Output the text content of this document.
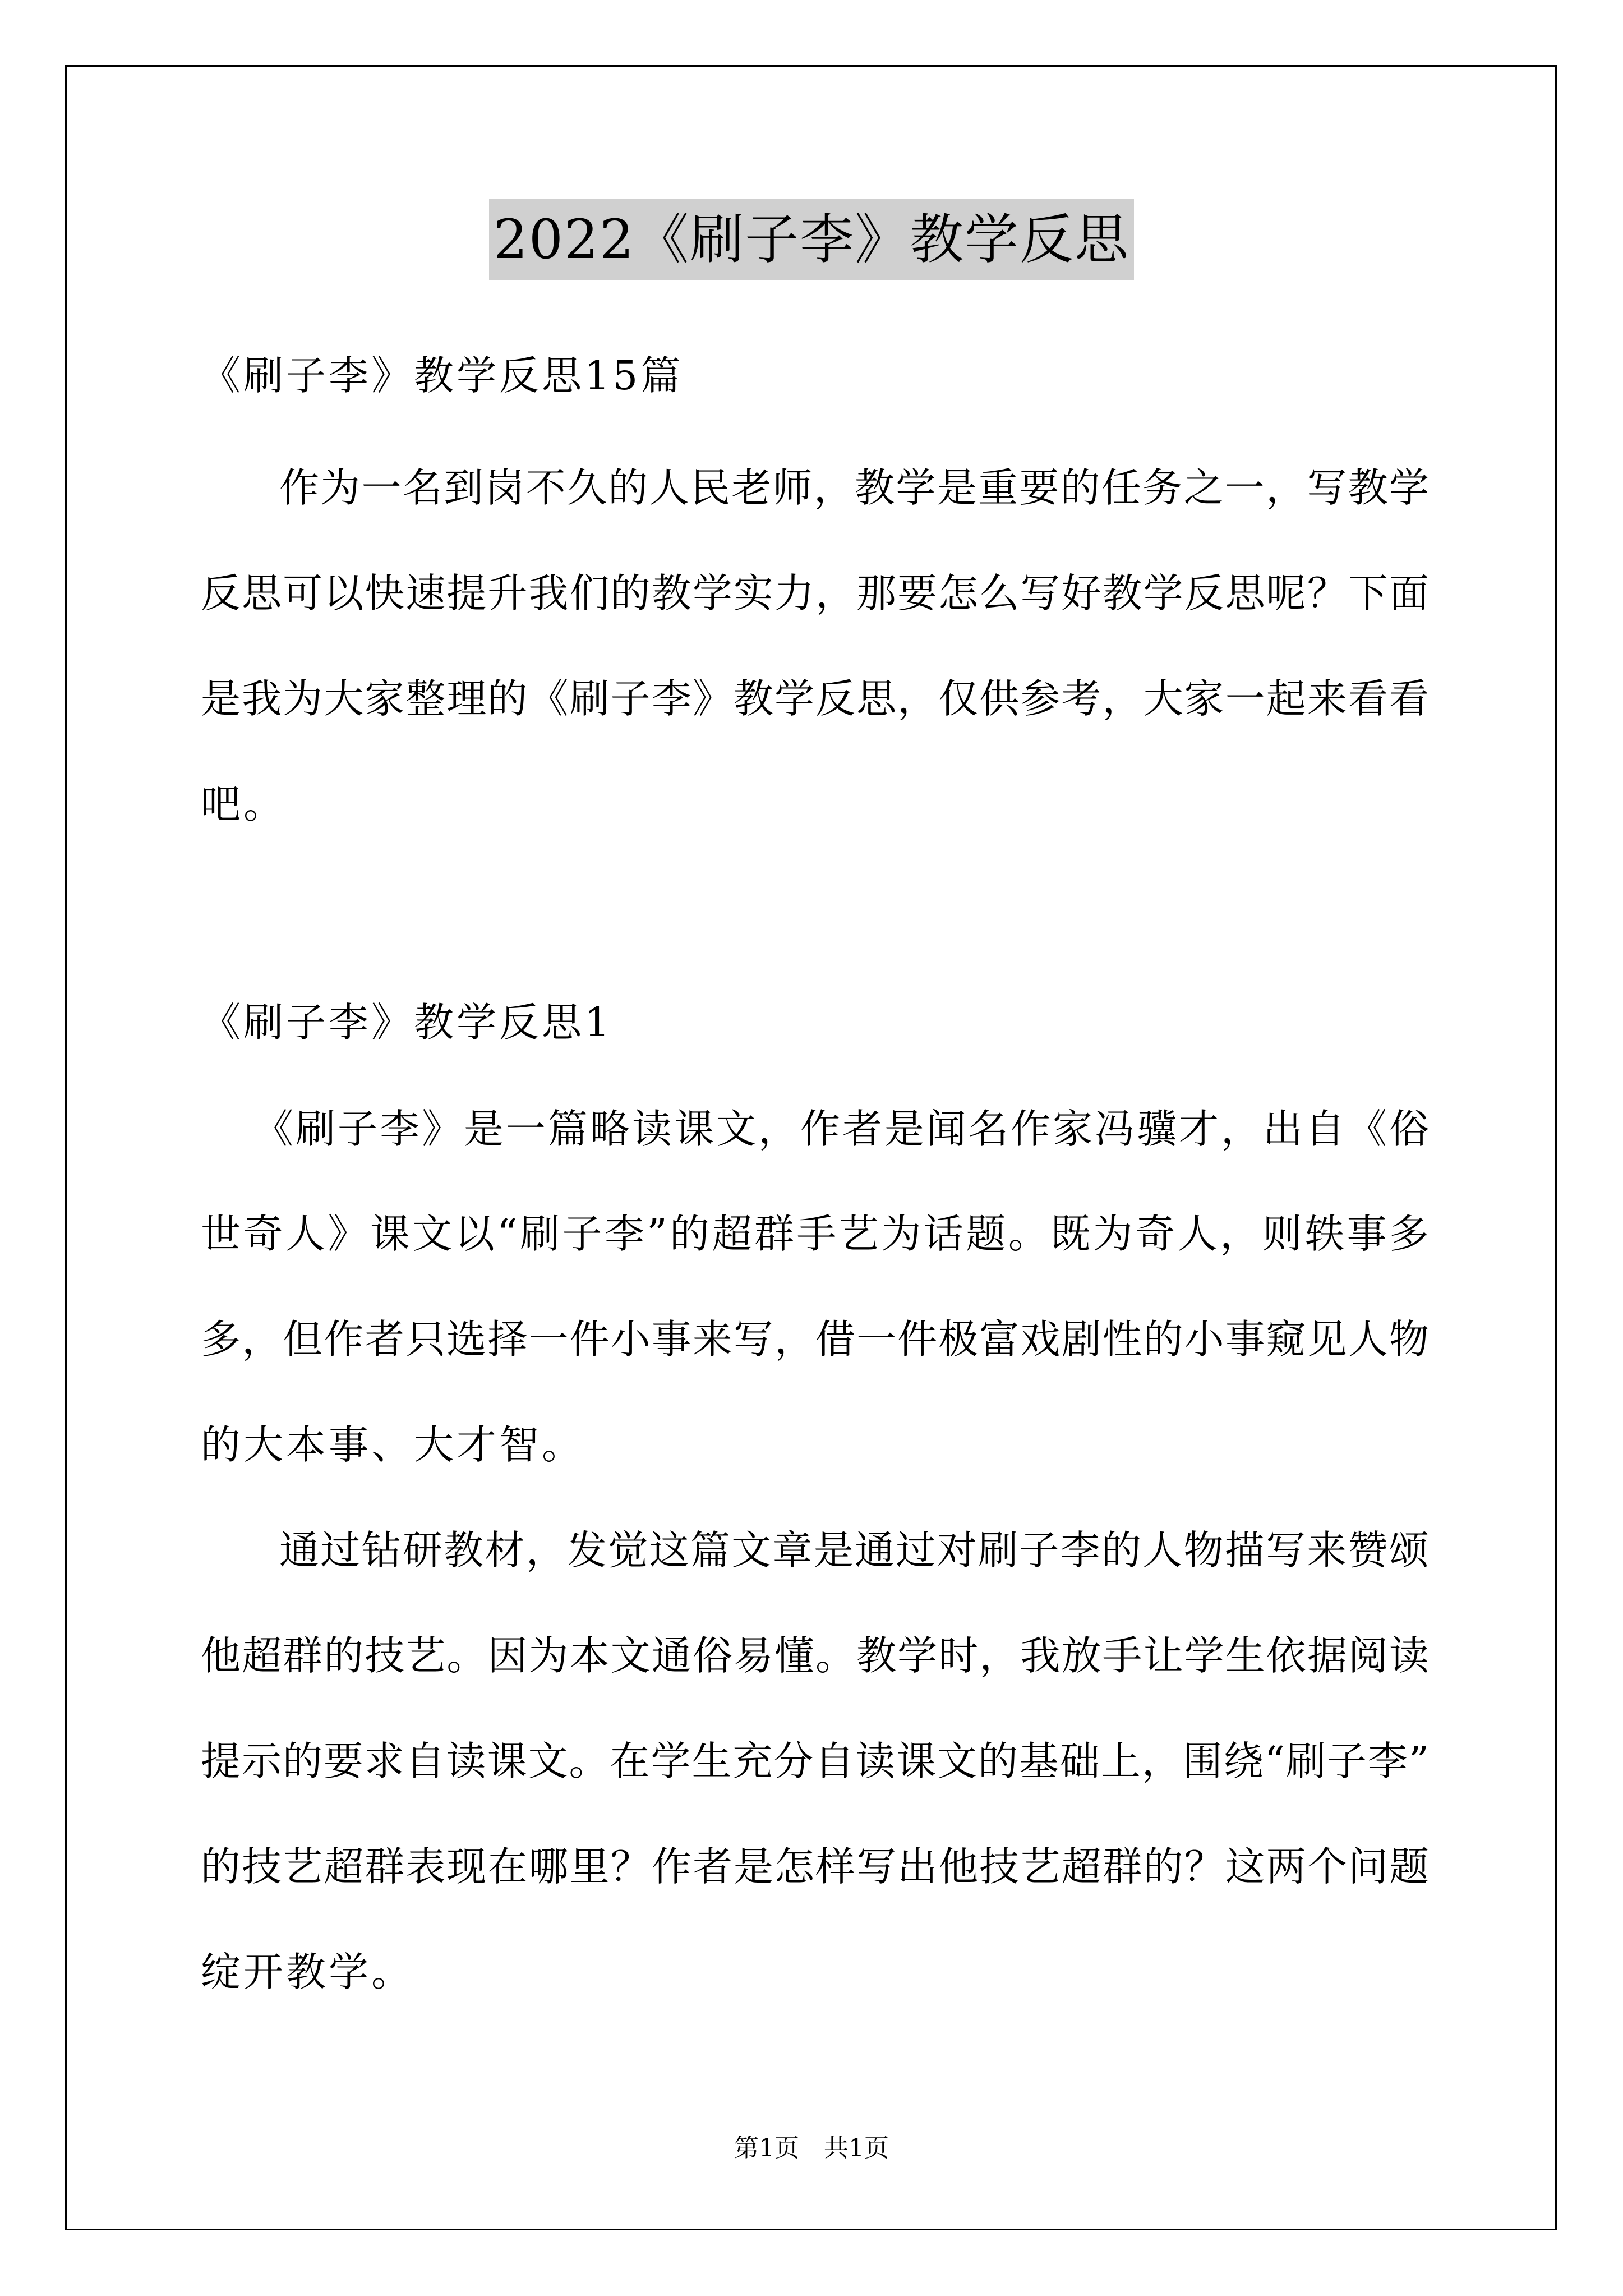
2022《刷子李》教学反思
《刷子李》教学反思15篇
作为一名到岗不久的人民老师，教学是重要的任务之一，写教学
反思可以快速提升我们的教学实力，那要怎么写好教学反思呢？下面
是我为大家整理的《刷子李》教学反思，仅供参考，大家一起来看看
吧。
《刷子李》教学反思1
《刷子李》是一篇略读课文，作者是闻名作家冯骥才，出自《俗
世奇人》课文以“刷子李”的超群手艺为话题。既为奇人，则轶事多
多，但作者只选择一件小事来写，借一件极富戏剧性的小事窥见人物
的大本事、大才智。
通过钻研教材，发觉这篇文章是通过对刷子李的人物描写来赞颂
他超群的技艺。因为本文通俗易懂。教学时，我放手让学生依据阅读
提示的要求自读课文。在学生充分自读课文的基础上，围绕“刷子李”
的技艺超群表现在哪里？作者是怎样写出他技艺超群的？这两个问题
绽开教学。
第1页　共1页
